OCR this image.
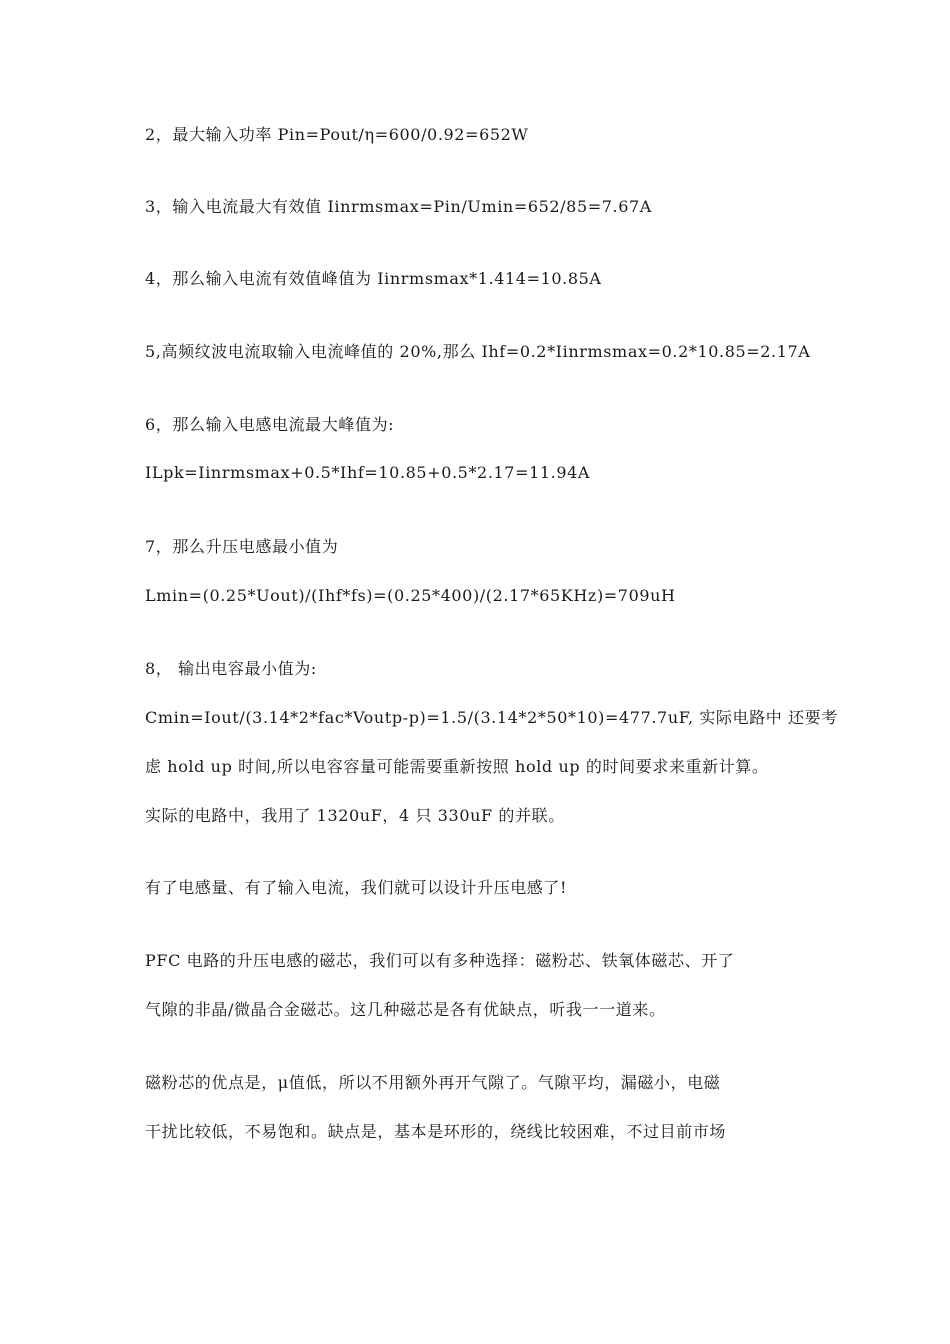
2，最大输入功率 Pin=Pout/η=600/0.92=652W
3，输入电流最大有效值 Iinrmsmax=Pin/Umin=652/85=7.67A
4，那么输入电流有效值峰值为 Iinrmsmax*1.414=10.85A
5,高频纹波电流取输入电流峰值的 20%,那么 Ihf=0.2*Iinrmsmax=0.2*10.85=2.17A
6，那么输入电感电流最大峰值为:
ILpk=Iinrmsmax+0.5*Ihf=10.85+0.5*2.17=11.94A
7，那么升压电感最小值为
Lmin=(0.25*Uout)/(Ihf*fs)=(0.25*400)/(2.17*65KHz)=709uH
8， 输出电容最小值为:
Cmin=Iout/(3.14*2*fac*Voutp-p)=1.5/(3.14*2*50*10)=477.7uF, 实际电路中 还要考
虑 hold up 时间,所以电容容量可能需要重新按照 hold up 的时间要求来重新计算。
实际的电路中，我用了 1320uF，4 只 330uF 的并联。
有了电感量、有了输入电流，我们就可以设计升压电感了!
PFC 电路的升压电感的磁芯，我们可以有多种选择：磁粉芯、铁氧体磁芯、开了
气隙的非晶/微晶合金磁芯。这几种磁芯是各有优缺点，听我一一道来。
磁粉芯的优点是，μ值低，所以不用额外再开气隙了。气隙平均，漏磁小，电磁
干扰比较低，不易饱和。缺点是，基本是环形的，绕线比较困难，不过目前市场
